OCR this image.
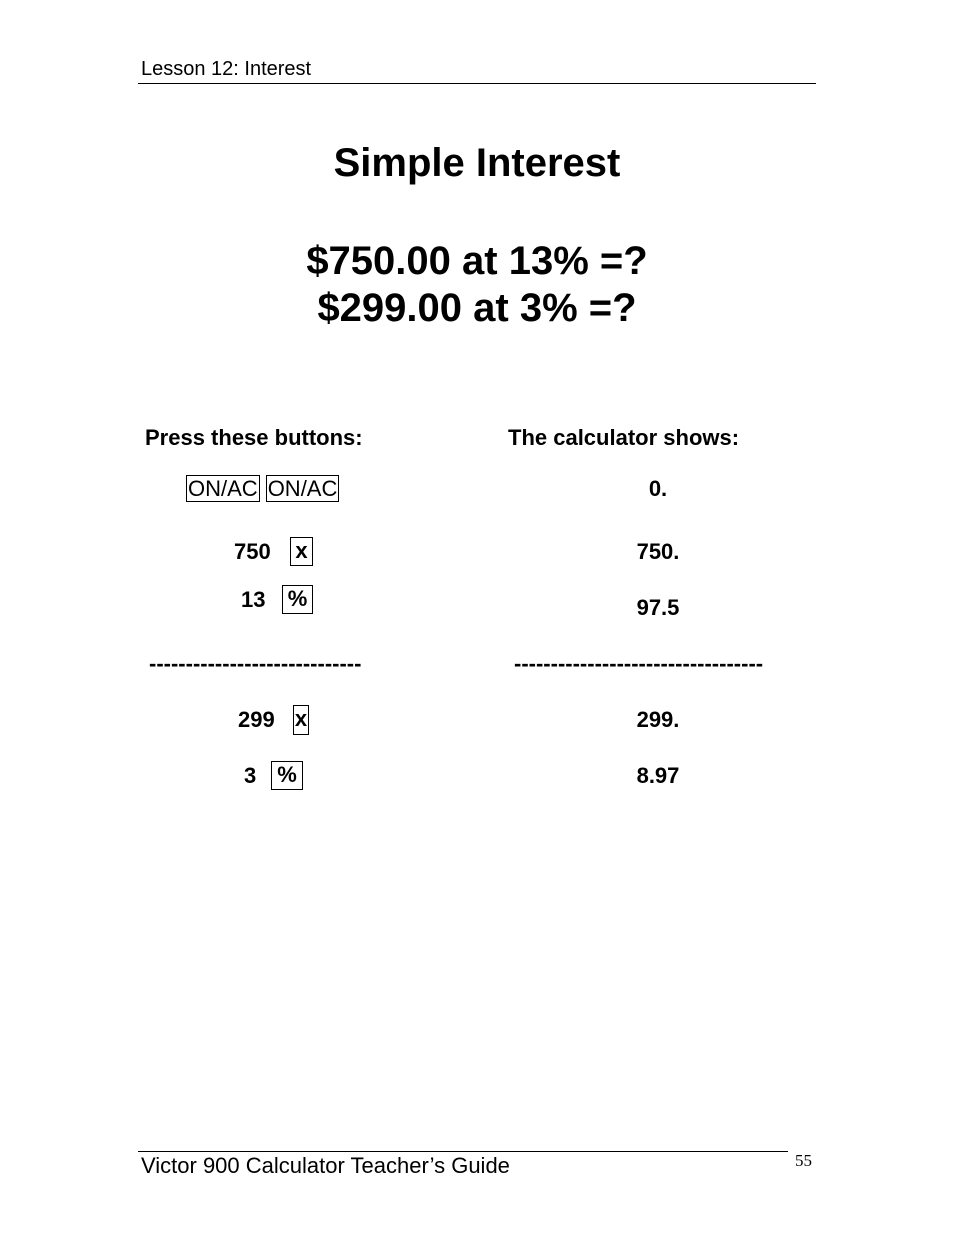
Lesson 12: Interest
Simple Interest
$750.00 at 13% =?
$299.00 at 3% =?
Press these buttons:	The calculator shows:
ON/AC ON/AC	0.
750 x	750.
13 %	97.5
-----------------------------	----------------------------------
299 x	299.
3 %	8.97
Victor 900 Calculator Teacher’s Guide	55
